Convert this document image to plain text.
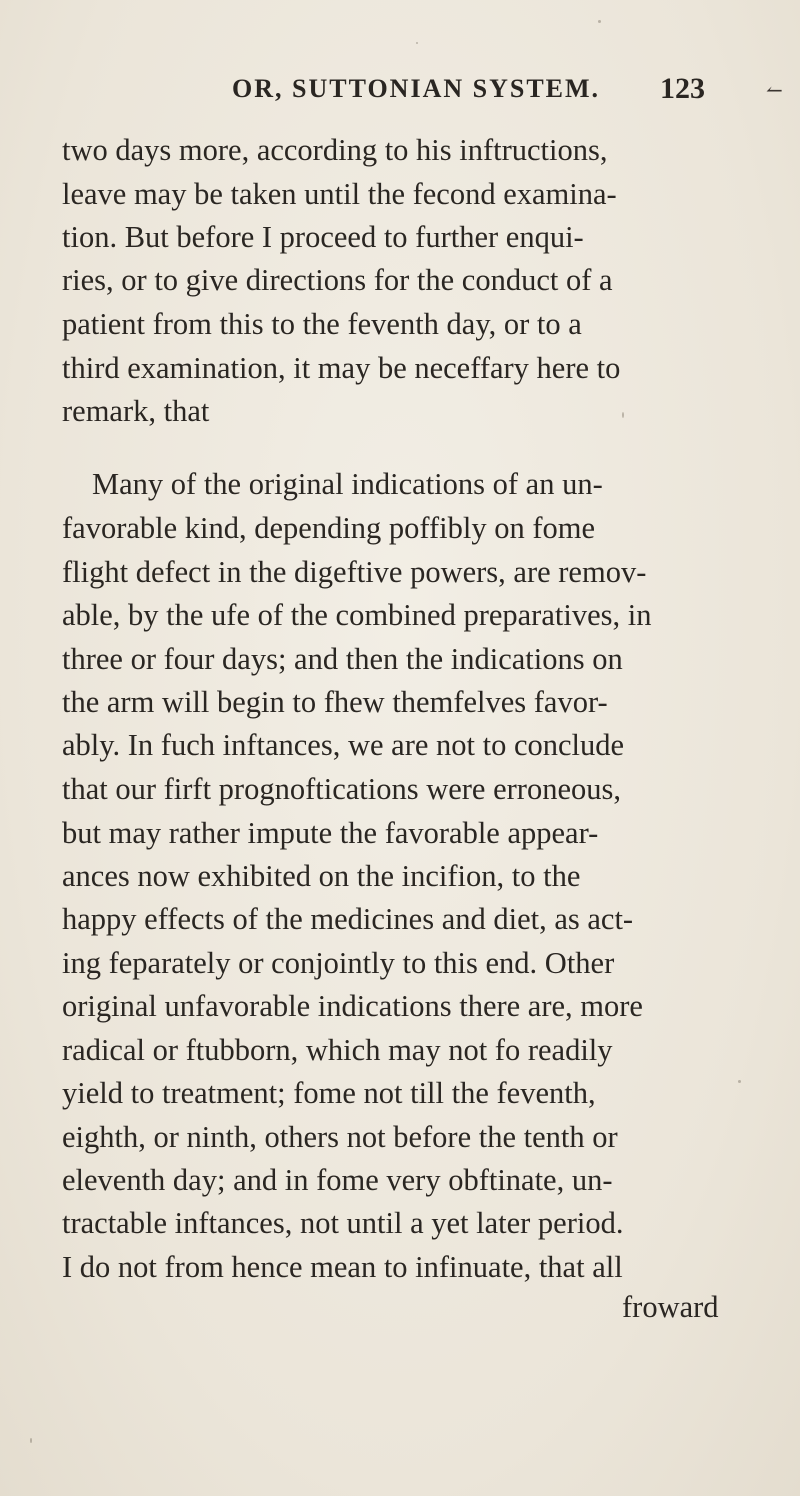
OR, SUTTONIAN SYSTEM. 123	↼
two days more, according to his inftructions,
leave may be taken until the fecond examina-
tion. But before I proceed to further enqui-
ries, or to give directions for the conduct of a
patient from this to the feventh day, or to a
third examination, it may be neceffary here to
remark, that
Many of the original indications of an un-
favorable kind, depending poffibly on fome
flight defect in the digeftive powers, are remov-
able, by the ufe of the combined preparatives, in
three or four days; and then the indications on
the arm will begin to fhew themfelves favor-
ably. In fuch inftances, we are not to conclude
that our firft prognoftications were erroneous,
but may rather impute the favorable appear-
ances now exhibited on the incifion, to the
happy effects of the medicines and diet, as act-
ing feparately or conjointly to this end. Other
original unfavorable indications there are, more
radical or ftubborn, which may not fo readily
yield to treatment; fome not till the feventh,
eighth, or ninth, others not before the tenth or
eleventh day; and in fome very obftinate, un-
tractable inftances, not until a yet later period.
I do not from hence mean to infinuate, that all
froward
